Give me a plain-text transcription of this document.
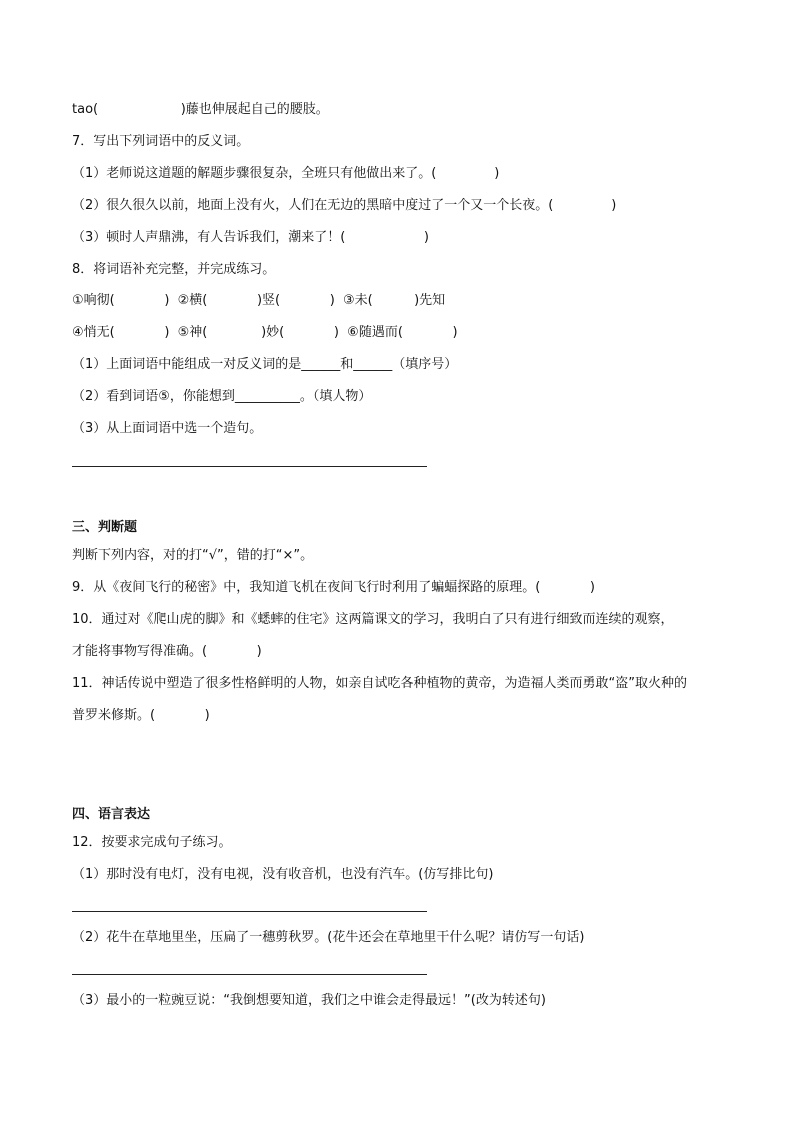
tao(                    )藤也伸展起自己的腰肢。
7．写出下列词语中的反义词。
（1）老师说这道题的解题步骤很复杂，全班只有他做出来了。(              )
（2）很久很久以前，地面上没有火，人们在无边的黑暗中度过了一个又一个长夜。(              )
（3）顿时人声鼎沸，有人告诉我们，潮来了！(                   )
8．将词语补充完整，并完成练习。
①响彻(            )  ②横(            )竖(            )  ③未(          )先知
④悄无(            )  ⑤神(             )妙(            )  ⑥随遇而(            )
（1）上面词语中能组成一对反义词的是______和______（填序号）
（2）看到词语⑤，你能想到__________。（填人物）
（3）从上面词语中选一个造句。
三、判断题
判断下列内容，对的打“√”，错的打“×”。
9．从《夜间飞行的秘密》中，我知道飞机在夜间飞行时利用了蝙蝠探路的原理。(            )
10．通过对《爬山虎的脚》和《蟋蟀的住宅》这两篇课文的学习，我明白了只有进行细致而连续的观察，
才能将事物写得准确。(            )
11．神话传说中塑造了很多性格鲜明的人物，如亲自试吃各种植物的黄帝，为造福人类而勇敢“盗”取火种的
普罗米修斯。(            )
四、语言表达
12．按要求完成句子练习。
（1）那时没有电灯，没有电视，没有收音机，也没有汽车。(仿写排比句)
（2）花牛在草地里坐，压扁了一穗剪秋罗。(花牛还会在草地里干什么呢？请仿写一句话)
（3）最小的一粒豌豆说：“我倒想要知道，我们之中谁会走得最远！”(改为转述句)
